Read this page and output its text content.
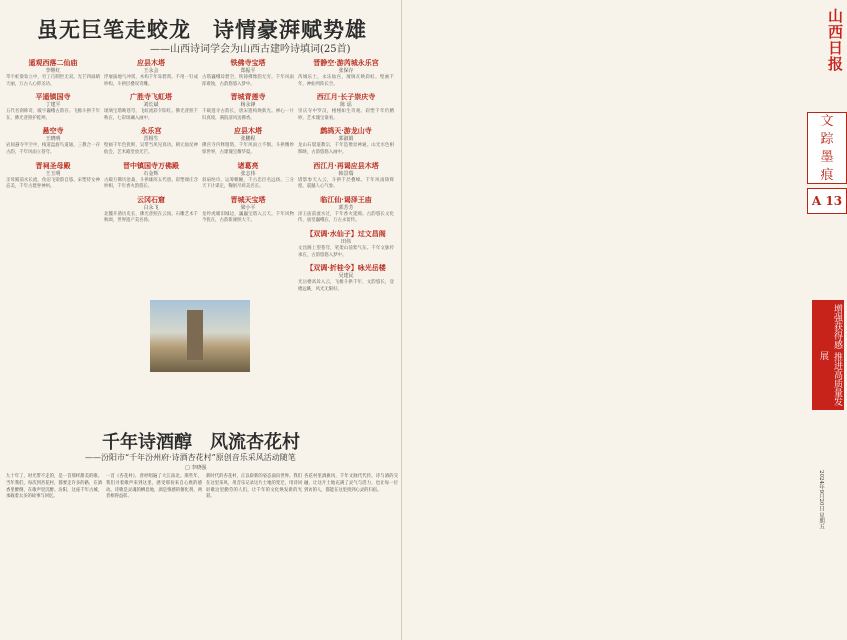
虽无巨笔走蛟龙　诗情豪湃赋势雄
——山西诗词学会为山西古建吟诗填词(25首)
遥观西落二仙庙
李继红
萃宇虹梁耸立中，穷工巧制世无双。光芒四溢晴天丽，万古人心仰圣功。
平遥镇国寺
丁建平
五代名刹称奇，殿宇巍峨古韵存。飞檐斗拱千年在，佛光普照护乾坤。
悬空寺
王晓明
岩间悬寺半空中，栈道盘旋鸟道通。三教合一存古韵，千年风雨立苍穹。
晋祠圣母殿
王玉明
圣母殿前水长流，鱼沼飞梁韵自悠。宋塑侍女神态美，千年古建誉神州。
应县木塔
王永会
浮屠拔地气冲霄，木构千年耸碧霄。不用一钉成妙构，斗拱层叠叹奇雕。
广胜寺飞虹塔
刘长斌
琉璃宝塔映苍穹，飞虹流彩夕阳红。佛光普照千秋在，七彩斑斓入画中。
永乐宫
晋相生
壁画千年色犹鲜，吴带当风见真功。朝元仙仗神仙会，艺术殿堂放光芒。
晋中镇国寺万佛殿
石金辉
古殿万佛历沧桑，斗拱雄浑五代唐。彩塑端庄含妙相，千年香火韵悠长。
云冈石窟
白永飞
北魏开凿历史长，佛光普照在云岗。石雕艺术千秋颂，世界遗产美名扬。
铁佛寺宝塔
郑振平
古塔巍峨耸碧空，铁铸佛像韵无穷。千年风雨浑难蚀，古韵悠悠入梦中。
晋城青莲寺
杨永锋
千载莲寺古韵长，唐宋遗构焕新光。禅心一片归真境，满院清风送佛香。
应县木塔
张鹏程
佛宫寺内释迦塔，千年风雨立不倒。斗拱精妙惊世界，古建瑰宝耀华夏。
诸葛亮
张志伟
羽扇纶巾，运筹帷幄，千古忠臣名远扬。三分天下计谋定，鞠躬尽瘁美名长。
晋城天宝塔
梁小平
龙吟虎啸旧城边，巍巍宝塔入云天。千年风物今犹在，古韵新颜照大千。
晋静空·游芮城永乐宫
张保存
芮城乐土，永乐仙宫，琉璃瓦映彩虹。壁画千年，神仙列阵长空。
西江月·长子崇庆寺
陈 谣
崇庆寺中罗汉，栩栩如生奇观。彩塑千年仍精妙，艺术瑰宝谁看。
鹧鸪天·游龙山寺
郭淑娟
龙山石窟道教宗，千年造像显神通。山光水色相辉映，古韵悠悠入画中。
西江月·再谒应县木塔
韩景瑞
塔影参天入云，斗拱千层叠嶂。千年风雨铸辉煌，震撼人心气象。
临江仙·谒泽王庙
郭芳芳
泽王庙前流水过，千年香火延绵。古韵悠长文化传，庙堂巍峨在，万古永留传。
【双调·水仙子】过文昌阁
田伟
文昌阁上望苍穹，笔架山前紫气东。千年文脉传承在，古韵悠悠入梦中。
【双调·折桂令】咏光岳楼
吴建民
光岳楼高耸入云，飞檐斗拱千年，文韵悠长，登楼远眺，风光无限好。
千年诗酒醇　风流杏花村
——汾阳市“千年汾州府·诗酒杏花村”原创音乐采风活动随笔
□ 李晓强
九十年了，时光带不走的，是一首那样甜美的歌。当年我们，每次到杏花村，都要走许多的路，在酒香里醉倒，在歌声里沉醉。汾阳，这座千年古城，承载着太多的故事与回忆。
一首《杏花村》，曾经唱遍了大江南北。那些年，我们寻着歌声来到这里，感受那份来自心底的感动。诗歌是灵魂的栖息地，酒是情感的催化剂，两者相得益彰。
新时代的杏花村，正以崭新的姿态面向世界。我们在这里采风，用音乐记录这片土地的变迁，用诗词讴歌这里勤劳的人们，让千年的文化焕发新的光彩。
杏花村里酒旗风，千年文脉代代传。诗与酒的交融，让这片土地充满了灵气与活力，也让每一位到访的人，都能在这里找到心灵的归宿。
山西日报
文
踪
墨
痕
A 13
增强获得感 推进高质量发展
2024年9月20日 星期五
